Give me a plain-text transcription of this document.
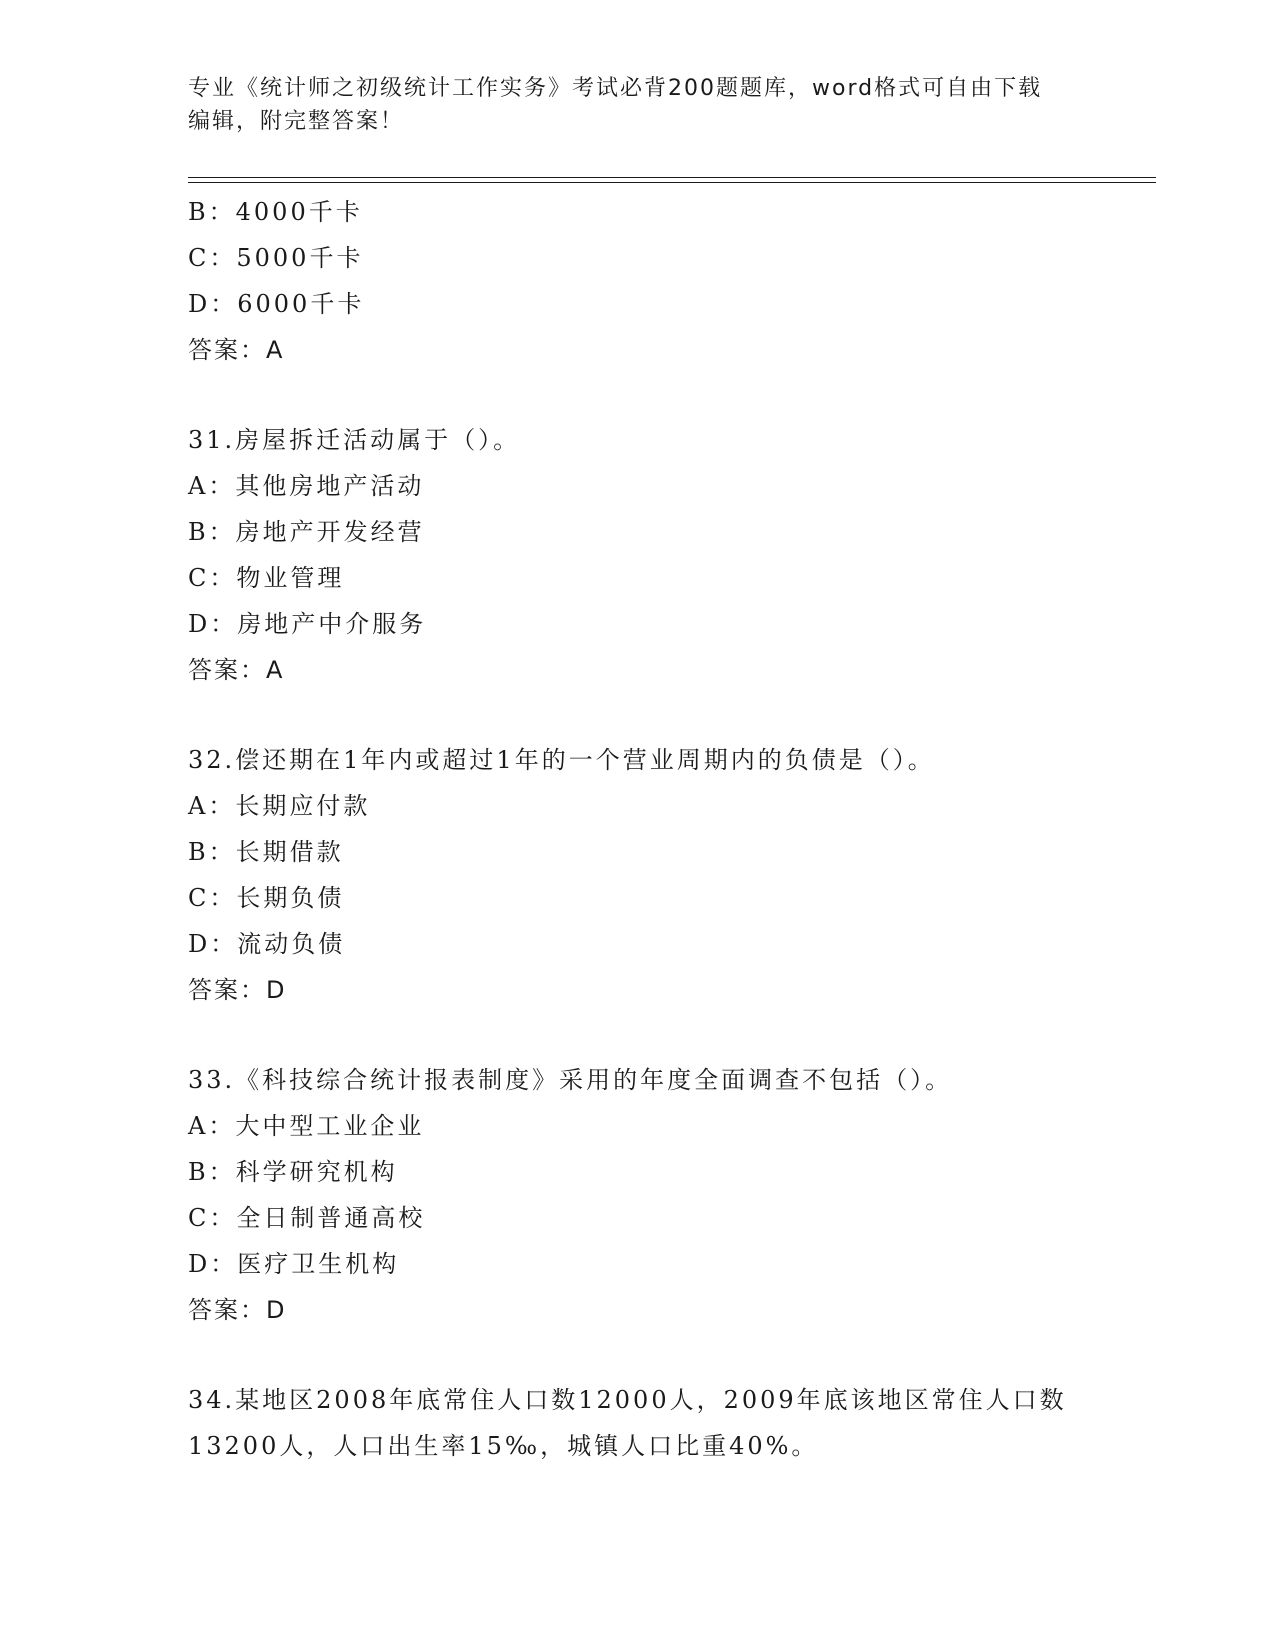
专业《统计师之初级统计工作实务》考试必背200题题库，word格式可自由下载
编辑，附完整答案！
B：4000千卡
C：5000千卡
D：6000千卡
答案：A
31.房屋拆迁活动属于（）。
A：其他房地产活动
B：房地产开发经营
C：物业管理
D：房地产中介服务
答案：A
32.偿还期在1年内或超过1年的一个营业周期内的负债是（）。
A：长期应付款
B：长期借款
C：长期负债
D：流动负债
答案：D
33.《科技综合统计报表制度》采用的年度全面调查不包括（）。
A：大中型工业企业
B：科学研究机构
C：全日制普通高校
D：医疗卫生机构
答案：D
34.某地区2008年底常住人口数12000人，2009年底该地区常住人口数13200人，人口出生率15‰，城镇人口比重40%。
